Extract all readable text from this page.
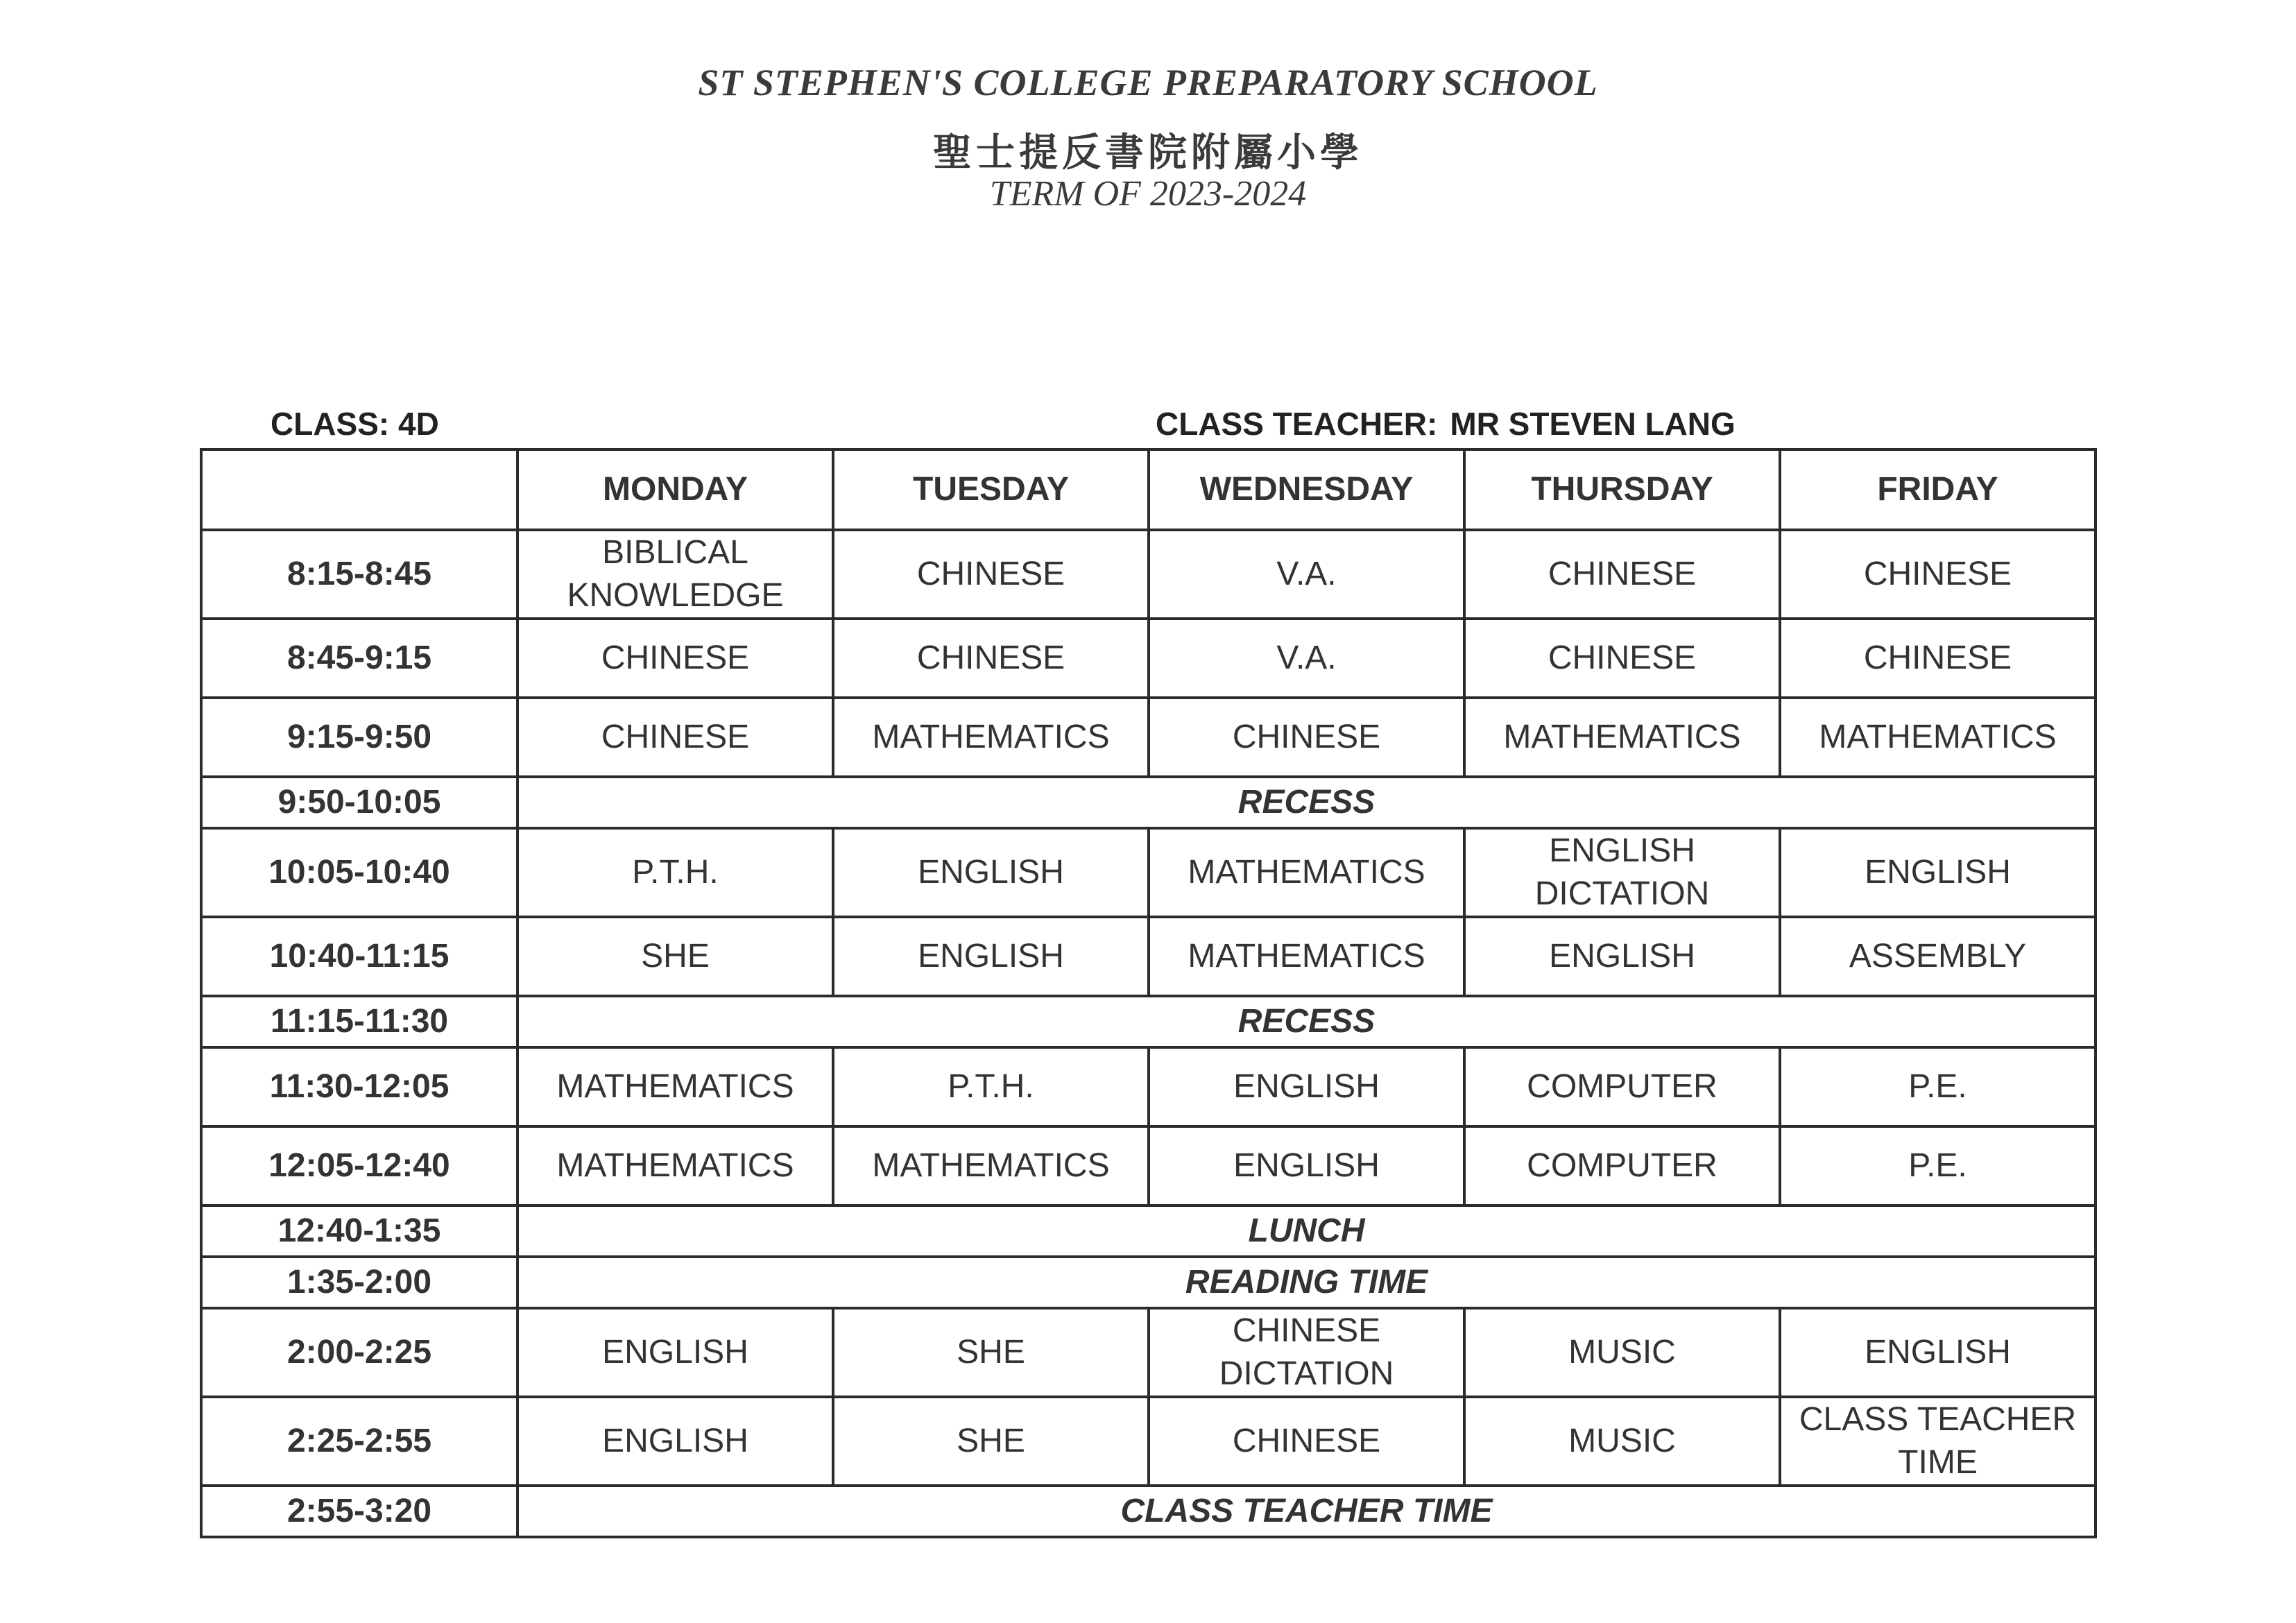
ST STEPHEN'S COLLEGE PREPARATORY SCHOOL
聖士提反書院附屬小學
TERM OF 2023-2024
CLASS: 4D	CLASS TEACHER: MR STEVEN LANG
	MONDAY	TUESDAY	WEDNESDAY	THURSDAY	FRIDAY
8:15-8:45	BIBLICAL KNOWLEDGE	CHINESE	V.A.	CHINESE	CHINESE
8:45-9:15	CHINESE	CHINESE	V.A.	CHINESE	CHINESE
9:15-9:50	CHINESE	MATHEMATICS	CHINESE	MATHEMATICS	MATHEMATICS
9:50-10:05	RECESS				
10:05-10:40	P.T.H.	ENGLISH	MATHEMATICS	ENGLISH DICTATION	ENGLISH
10:40-11:15	SHE	ENGLISH	MATHEMATICS	ENGLISH	ASSEMBLY
11:15-11:30	RECESS				
11:30-12:05	MATHEMATICS	P.T.H.	ENGLISH	COMPUTER	P.E.
12:05-12:40	MATHEMATICS	MATHEMATICS	ENGLISH	COMPUTER	P.E.
12:40-1:35	LUNCH				
1:35-2:00	READING TIME				
2:00-2:25	ENGLISH	SHE	CHINESE DICTATION	MUSIC	ENGLISH
2:25-2:55	ENGLISH	SHE	CHINESE	MUSIC	CLASS TEACHER TIME
2:55-3:20	CLASS TEACHER TIME				
